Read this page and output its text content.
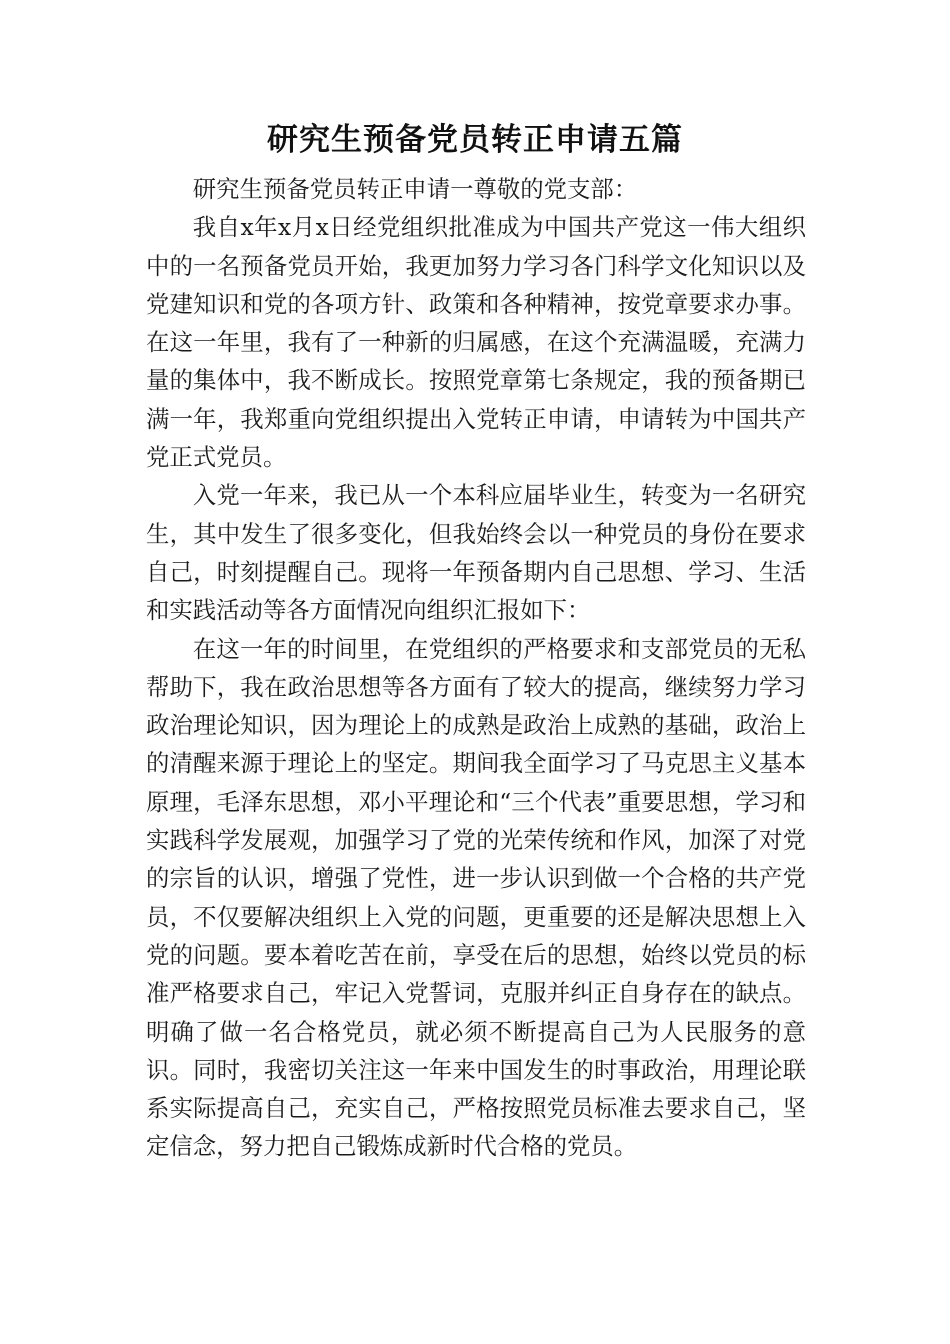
研究生预备党员转正申请五篇

研究生预备党员转正申请一尊敬的党支部：

我自x年x月x日经党组织批准成为中国共产党这一伟大组织中的一名预备党员开始，我更加努力学习各门科学文化知识以及党建知识和党的各项方针、政策和各种精神，按党章要求办事。在这一年里，我有了一种新的归属感，在这个充满温暖，充满力量的集体中，我不断成长。按照党章第七条规定，我的预备期已满一年，我郑重向党组织提出入党转正申请，申请转为中国共产党正式党员。

入党一年来，我已从一个本科应届毕业生，转变为一名研究生，其中发生了很多变化，但我始终会以一种党员的身份在要求自己，时刻提醒自己。现将一年预备期内自己思想、学习、生活和实践活动等各方面情况向组织汇报如下：

在这一年的时间里，在党组织的严格要求和支部党员的无私帮助下，我在政治思想等各方面有了较大的提高，继续努力学习政治理论知识，因为理论上的成熟是政治上成熟的基础，政治上的清醒来源于理论上的坚定。期间我全面学习了马克思主义基本原理，毛泽东思想，邓小平理论和“三个代表”重要思想，学习和实践科学发展观，加强学习了党的光荣传统和作风，加深了对党的宗旨的认识，增强了党性，进一步认识到做一个合格的共产党员，不仅要解决组织上入党的问题，更重要的还是解决思想上入党的问题。要本着吃苦在前，享受在后的思想，始终以党员的标准严格要求自己，牢记入党誓词，克服并纠正自身存在的缺点。明确了做一名合格党员，就必须不断提高自己为人民服务的意识。同时，我密切关注这一年来中国发生的时事政治，用理论联系实际提高自己，充实自己，严格按照党员标准去要求自己，坚定信念，努力把自己锻炼成新时代合格的党员。
